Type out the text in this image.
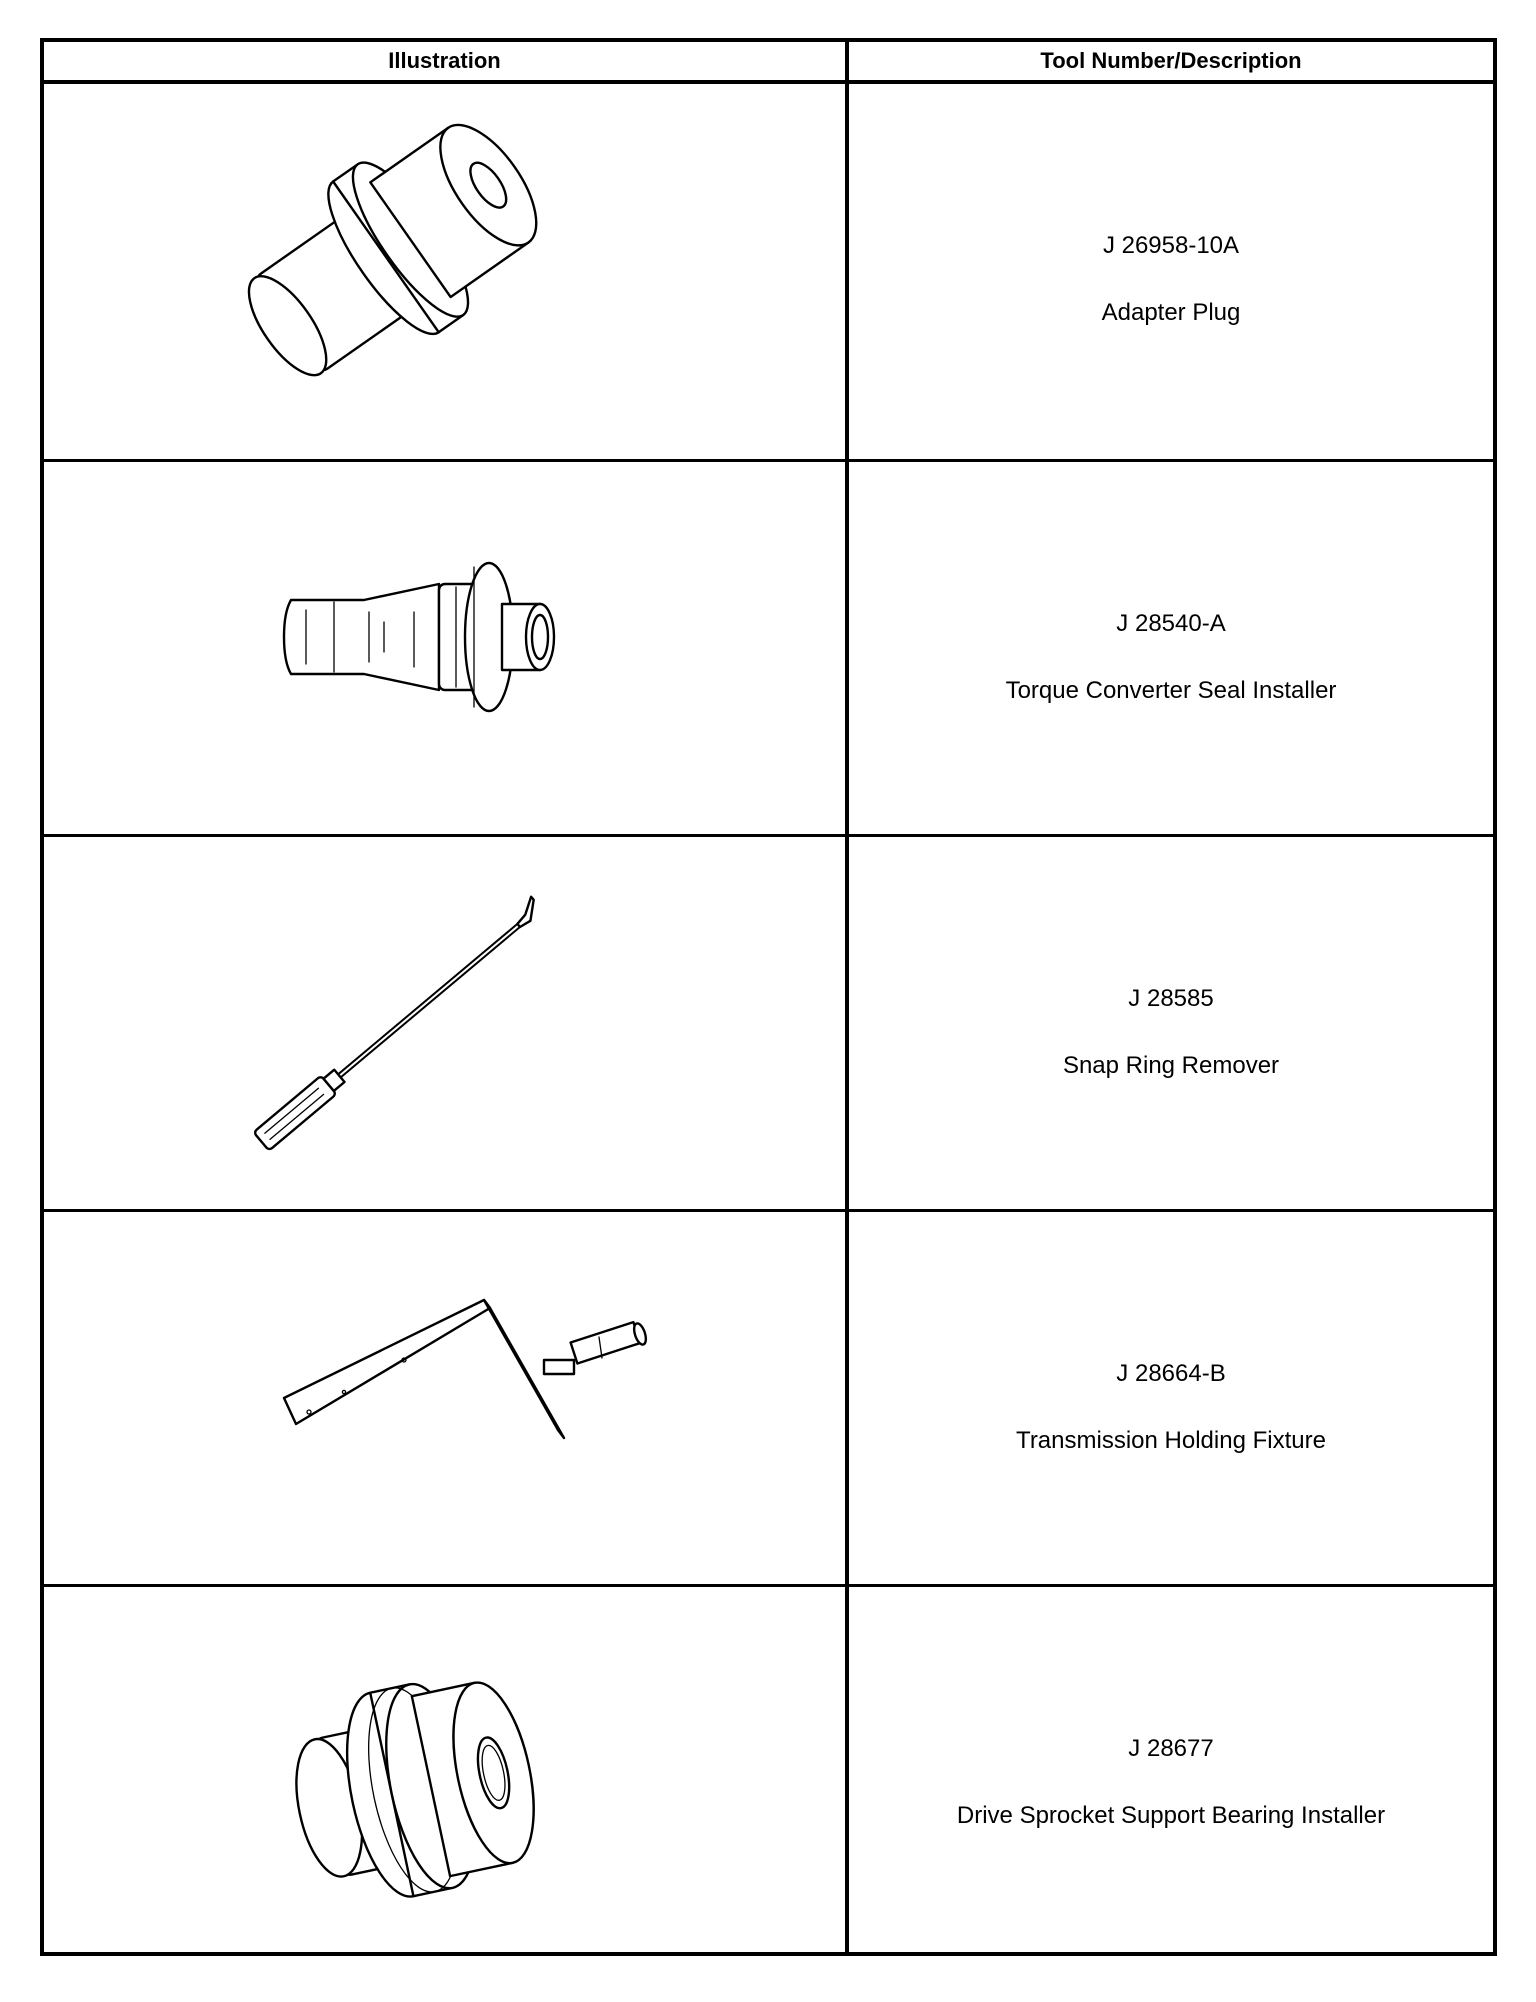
Illustration	Tool Number/Description
J 26958-10A
Adapter Plug
J 28540-A
Torque Converter Seal Installer
J 28585
Snap Ring Remover
J 28664-B
Transmission Holding Fixture
J 28677
Drive Sprocket Support Bearing Installer
